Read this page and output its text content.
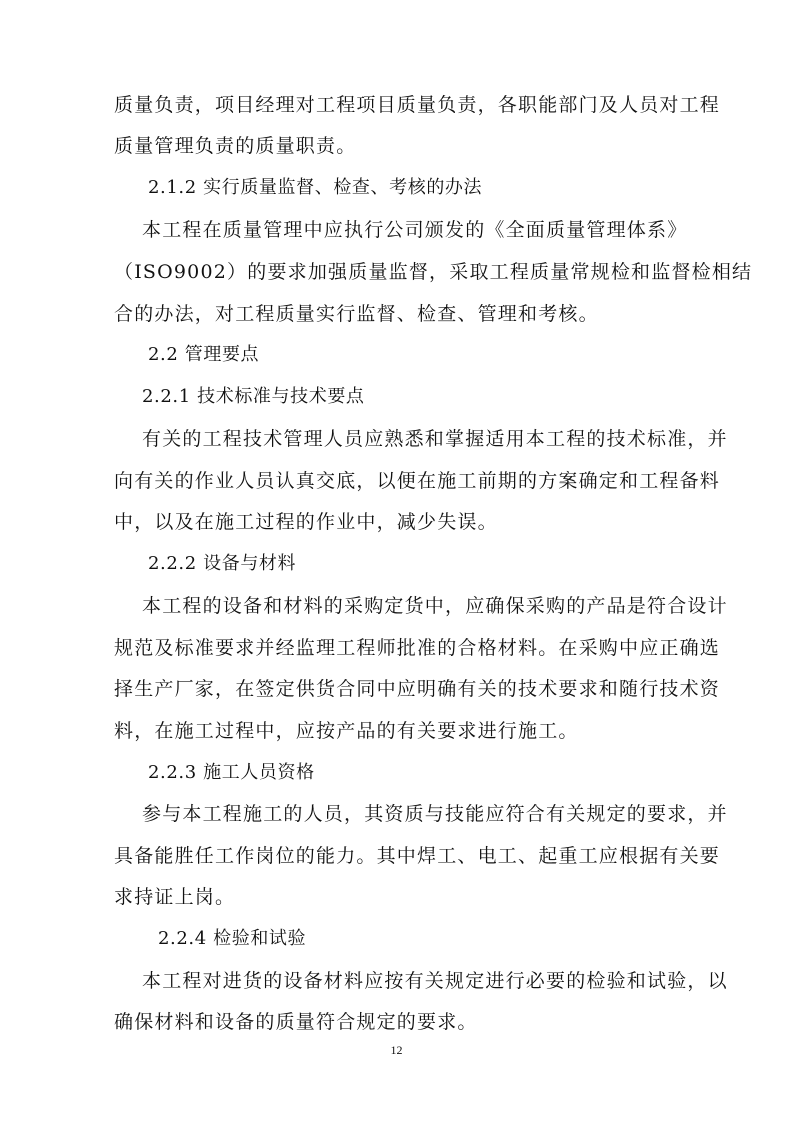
质量负责，项目经理对工程项目质量负责，各职能部门及人员对工程
质量管理负责的质量职责。
2.1.2 实行质量监督、检查、考核的办法
本工程在质量管理中应执行公司颁发的《全面质量管理体系》
（ISO9002）的要求加强质量监督，采取工程质量常规检和监督检相结
合的办法，对工程质量实行监督、检查、管理和考核。
2.2 管理要点
2.2.1 技术标准与技术要点
有关的工程技术管理人员应熟悉和掌握适用本工程的技术标准，并
向有关的作业人员认真交底，以便在施工前期的方案确定和工程备料
中，以及在施工过程的作业中，减少失误。
2.2.2 设备与材料
本工程的设备和材料的采购定货中，应确保采购的产品是符合设计
规范及标准要求并经监理工程师批准的合格材料。在采购中应正确选
择生产厂家，在签定供货合同中应明确有关的技术要求和随行技术资
料，在施工过程中，应按产品的有关要求进行施工。
2.2.3 施工人员资格
参与本工程施工的人员，其资质与技能应符合有关规定的要求，并
具备能胜任工作岗位的能力。其中焊工、电工、起重工应根据有关要
求持证上岗。
2.2.4 检验和试验
本工程对进货的设备材料应按有关规定进行必要的检验和试验，以
确保材料和设备的质量符合规定的要求。
12
